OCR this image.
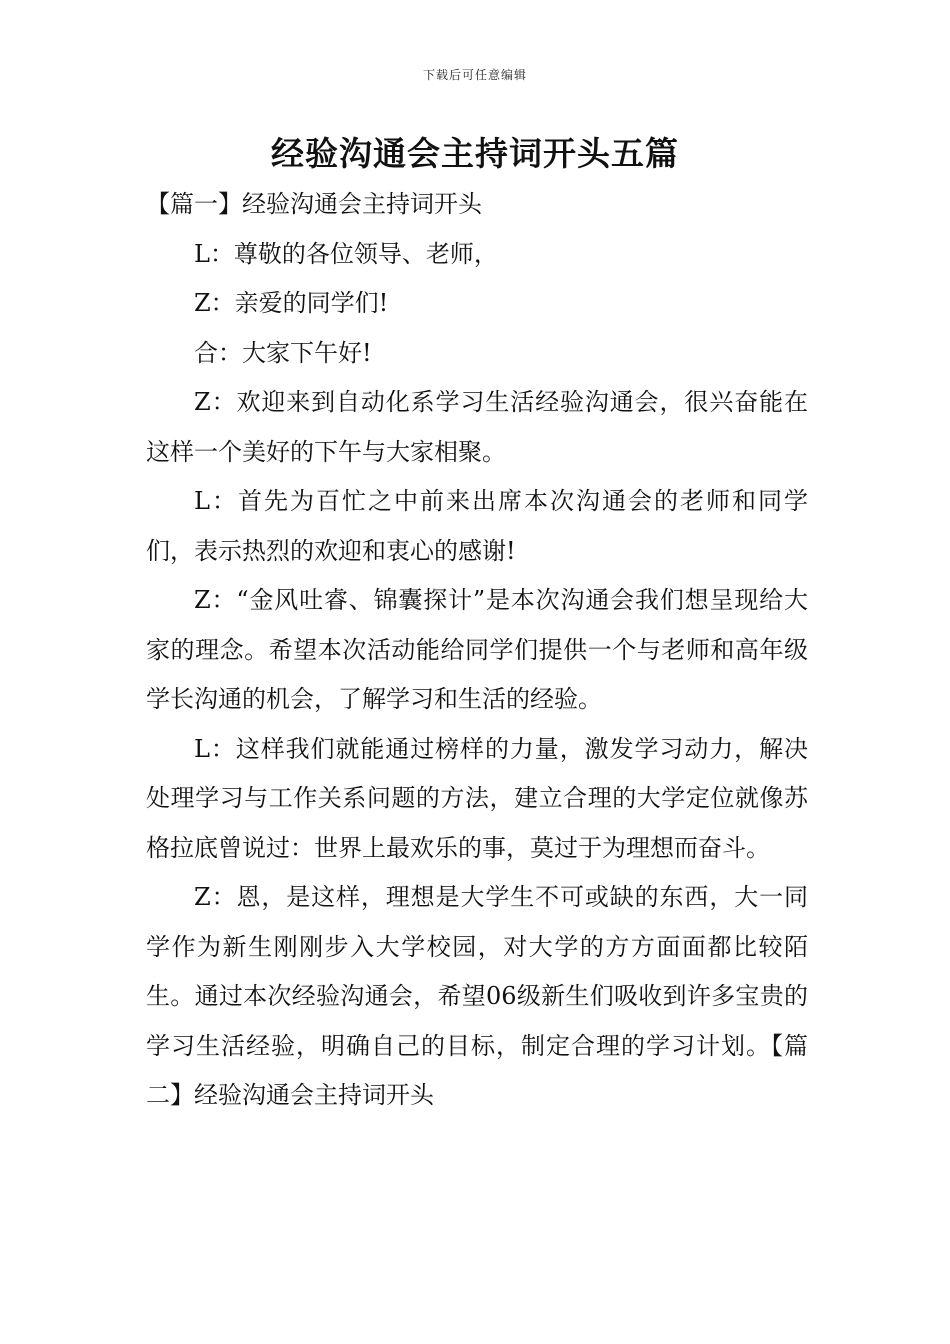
下载后可任意编辑
经验沟通会主持词开头五篇

【篇一】经验沟通会主持词开头

L：尊敬的各位领导、老师，

Z：亲爱的同学们!

合：大家下午好!

Z：欢迎来到自动化系学习生活经验沟通会，很兴奋能在这样一个美好的下午与大家相聚。

L：首先为百忙之中前来出席本次沟通会的老师和同学们，表示热烈的欢迎和衷心的感谢!

Z：“金风吐睿、锦囊探计”是本次沟通会我们想呈现给大家的理念。希望本次活动能给同学们提供一个与老师和高年级学长沟通的机会，了解学习和生活的经验。

L：这样我们就能通过榜样的力量，激发学习动力，解决处理学习与工作关系问题的方法，建立合理的大学定位就像苏格拉底曾说过：世界上最欢乐的事，莫过于为理想而奋斗。

Z：恩，是这样，理想是大学生不可或缺的东西，大一同学作为新生刚刚步入大学校园，对大学的方方面面都比较陌生。通过本次经验沟通会，希望06级新生们吸收到许多宝贵的学习生活经验，明确自己的目标，制定合理的学习计划。【篇二】经验沟通会主持词开头
